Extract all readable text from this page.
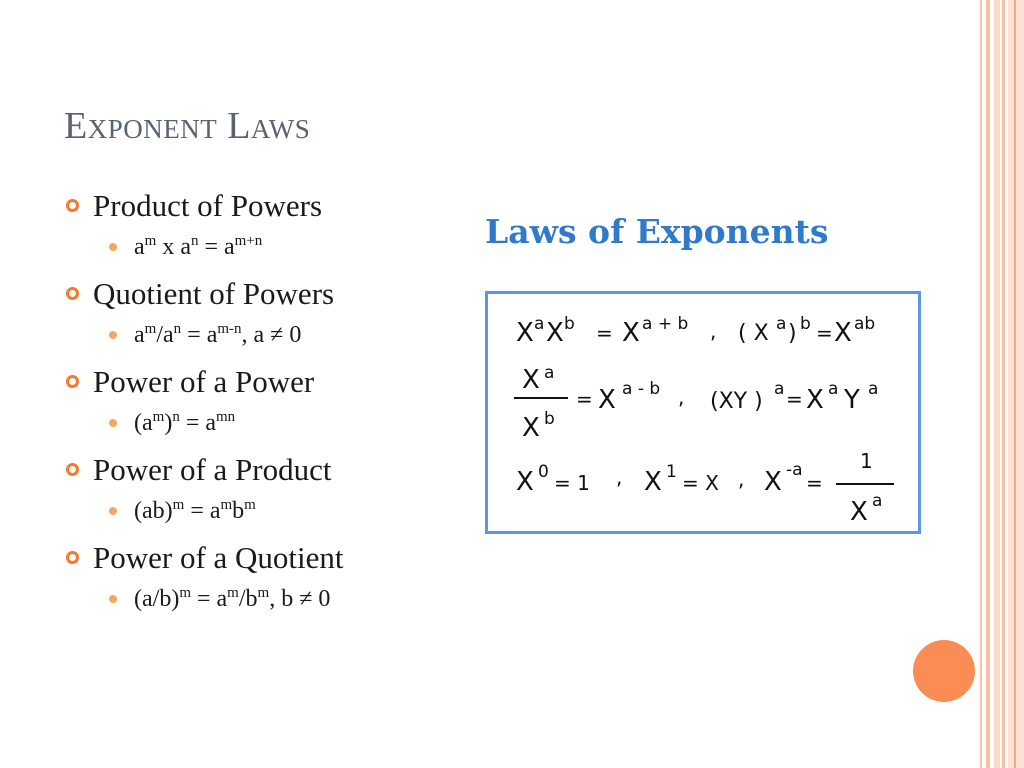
Exponent Laws
Product of Powers
$a^m$ x $a^n = a^{m+n}$
Quotient of Powers
$a^m/a^n = a^{m-n}$, a ≠ 0
Power of a Power
$(a^m)^n = a^{mn}$
Power of a Product
$(ab)^m = a^mb^m$
Power of a Quotient
$(a/b)^m = a^m/b^m$, b ≠ 0
Laws of Exponents
X a X b = X a + b , ( X a ) b = X ab
X a
X b
= X a - b , (XY ) a = X a Y a
X 0 = 1 , X 1 = X , X -a
=
1
X a
